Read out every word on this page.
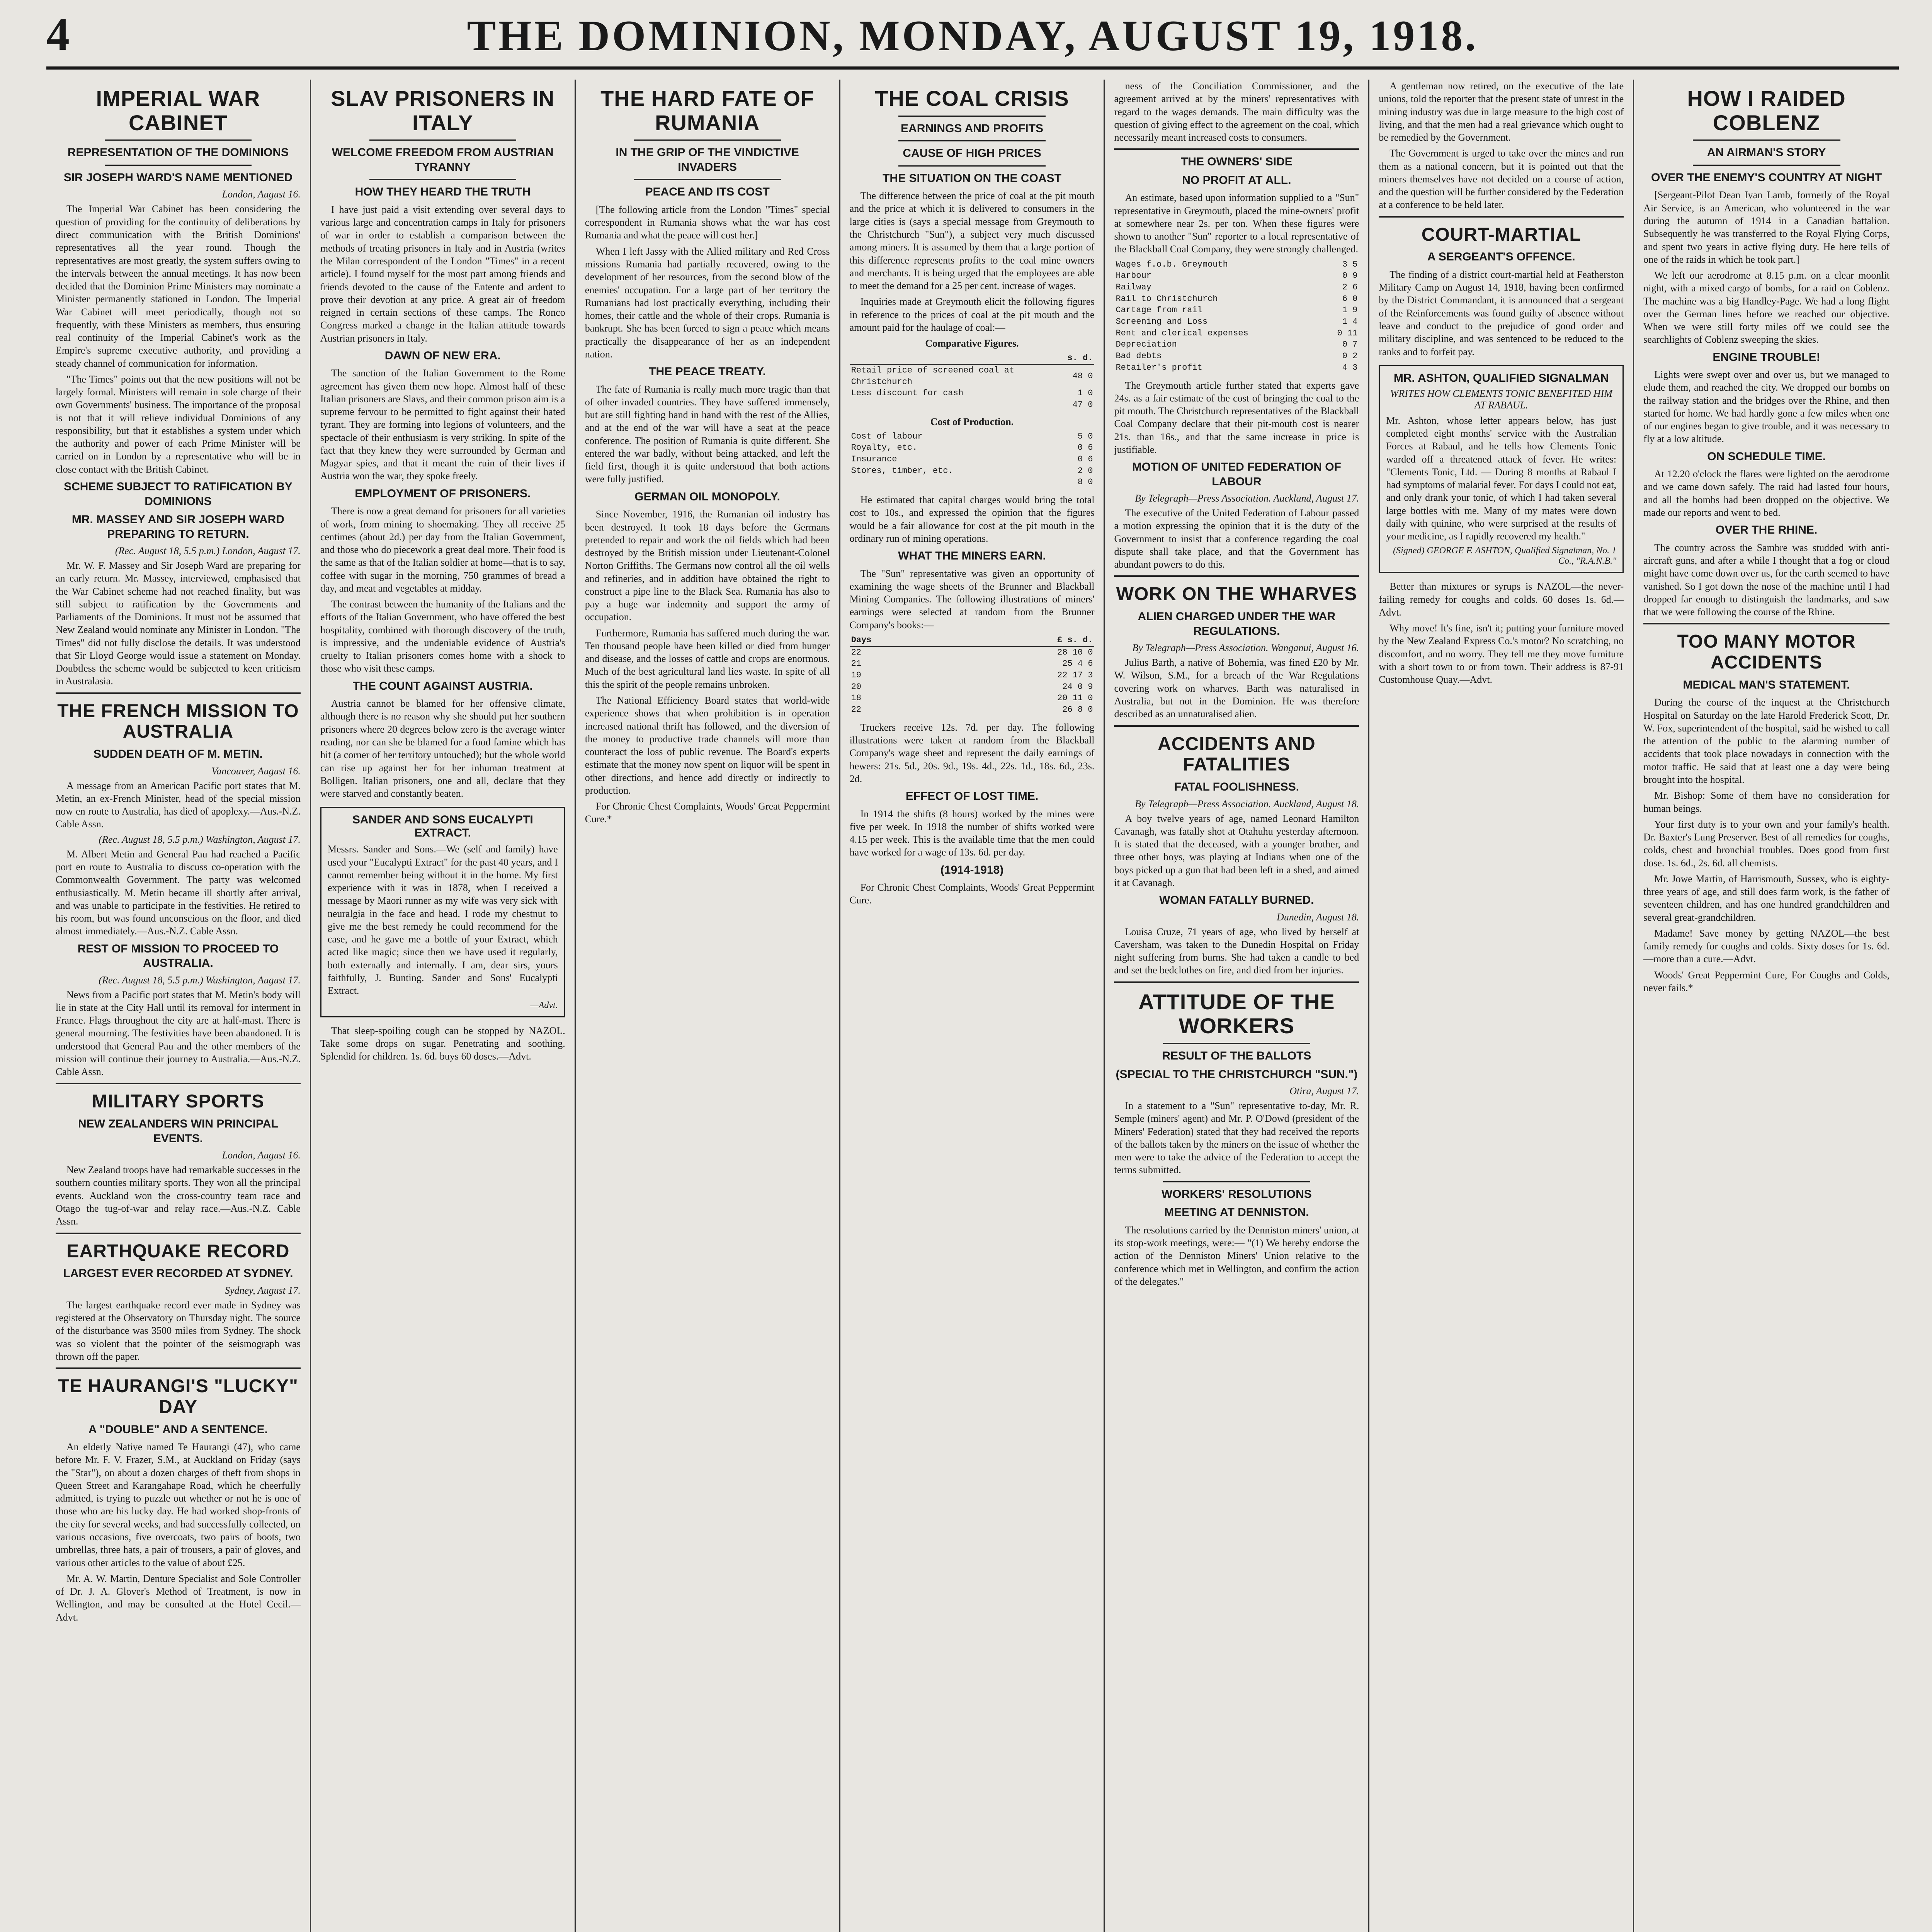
4	THE DOMINION, MONDAY, AUGUST 19, 1918.
IMPERIAL WAR CABINET
REPRESENTATION OF THE DOMINIONS
SIR JOSEPH WARD'S NAME MENTIONED
London, August 16.

The Imperial War Cabinet has been considering the question of providing for the continuity of deliberations by direct communication with the British Dominions' representatives all the year round. Though the representatives are most greatly, the system suffers owing to the intervals between the annual meetings. It has now been decided that the Dominion Prime Ministers may nominate a Minister permanently stationed in London. The Imperial War Cabinet will meet periodically, though not so frequently, with these Ministers as members, thus ensuring real continuity of the Imperial Cabinet's work as the Empire's supreme executive authority, and providing a steady channel of communication for information.

"The Times" points out that the new positions will not be largely formal. Ministers will remain in sole charge of their own Governments' business. The importance of the proposal is not that it will relieve individual Dominions of any responsibility, but that it establishes a system under which the authority and power of each Prime Minister will be carried on in London by a representative who will be in close contact with the British Cabinet.

SCHEME SUBJECT TO RATIFICATION BY DOMINIONS
MR. MASSEY AND SIR JOSEPH WARD PREPARING TO RETURN.
(Rec. August 18, 5.5 p.m.) London, August 17.

Mr. W. F. Massey and Sir Joseph Ward are preparing for an early return. Mr. Massey, interviewed, emphasised that the War Cabinet scheme had not reached finality, but was still subject to ratification by the Governments and Parliaments of the Dominions. It must not be assumed that New Zealand would nominate any Minister in London. "The Times" did not fully disclose the details. It was understood that Sir Lloyd George would issue a statement on Monday. Doubtless the scheme would be subjected to keen criticism in Australasia.

THE FRENCH MISSION TO AUSTRALIA
SUDDEN DEATH OF M. METIN.
Vancouver, August 16.

A message from an American Pacific port states that M. Metin, an ex-French Minister, head of the special mission now en route to Australia, has died of apoplexy.—Aus.-N.Z. Cable Assn.

(Rec. August 18, 5.5 p.m.) Washington, August 17.

M. Albert Metin and General Pau had reached a Pacific port en route to Australia to discuss co-operation with the Commonwealth Government. The party was welcomed enthusiastically. M. Metin became ill shortly after arrival, and was unable to participate in the festivities. He retired to his room, but was found unconscious on the floor, and died almost immediately.—Aus.-N.Z. Cable Assn.

REST OF MISSION TO PROCEED TO AUSTRALIA.
(Rec. August 18, 5.5 p.m.) Washington, August 17.

News from a Pacific port states that M. Metin's body will lie in state at the City Hall until its removal for interment in France. Flags throughout the city are at half-mast. There is general mourning. The festivities have been abandoned. It is understood that General Pau and the other members of the mission will continue their journey to Australia.—Aus.-N.Z. Cable Assn.

MILITARY SPORTS
NEW ZEALANDERS WIN PRINCIPAL EVENTS.
London, August 16.

New Zealand troops have had remarkable successes in the southern counties military sports. They won all the principal events. Auckland won the cross-country team race and Otago the tug-of-war and relay race.—Aus.-N.Z. Cable Assn.

EARTHQUAKE RECORD
LARGEST EVER RECORDED AT SYDNEY.
Sydney, August 17.

The largest earthquake record ever made in Sydney was registered at the Observatory on Thursday night. The source of the disturbance was 3500 miles from Sydney. The shock was so violent that the pointer of the seismograph was thrown off the paper.

TE HAURANGI'S "LUCKY" DAY
A "DOUBLE" AND A SENTENCE.

An elderly Native named Te Haurangi (47), who came before Mr. F. V. Frazer, S.M., at Auckland on Friday (says the "Star"), on about a dozen charges of theft from shops in Queen Street and Karangahape Road, which he cheerfully admitted, is trying to puzzle out whether or not he is one of those who are his lucky day. He had worked shop-fronts of the city for several weeks, and had successfully collected, on various occasions, five overcoats, two pairs of boots, two umbrellas, three hats, a pair of trousers, a pair of gloves, and various other articles to the value of about £25.

Mr. A. W. Martin, Denture Specialist and Sole Controller of Dr. J. A. Glover's Method of Treatment, is now in Wellington, and may be consulted at the Hotel Cecil.—Advt.

SLAV PRISONERS IN ITALY
WELCOME FREEDOM FROM AUSTRIAN TYRANNY
HOW THEY HEARD THE TRUTH

I have just paid a visit extending over several days to various large and concentration camps in Italy for prisoners of war in order to establish a comparison between the methods of treating prisoners in Italy and in Austria (writes the Milan correspondent of the London "Times" in a recent article). I found myself for the most part among friends and friends devoted to the cause of the Entente and ardent to prove their devotion at any price. A great air of freedom reigned in certain sections of these camps. The Ronco Congress marked a change in the Italian attitude towards Austrian prisoners in Italy.

DAWN OF NEW ERA.

The sanction of the Italian Government to the Rome agreement has given them new hope. Almost half of these Italian prisoners are Slavs, and their common prison aim is a supreme fervour to be permitted to fight against their hated tyrant. They are forming into legions of volunteers, and the spectacle of their enthusiasm is very striking. In spite of the fact that they knew they were surrounded by German and Magyar spies, and that it meant the ruin of their lives if Austria won the war, they spoke freely.

EMPLOYMENT OF PRISONERS.

There is now a great demand for prisoners for all varieties of work, from mining to shoemaking. They all receive 25 centimes (about 2d.) per day from the Italian Government, and those who do piecework a great deal more. Their food is the same as that of the Italian soldier at home—that is to say, coffee with sugar in the morning, 750 grammes of bread a day, and meat and vegetables at midday.

The contrast between the humanity of the Italians and the efforts of the Italian Government, who have offered the best hospitality, combined with thorough discovery of the truth, is impressive, and the undeniable evidence of Austria's cruelty to Italian prisoners comes home with a shock to those who visit these camps.

THE COUNT AGAINST AUSTRIA.

Austria cannot be blamed for her offensive climate, although there is no reason why she should put her southern prisoners where 20 degrees below zero is the average winter reading, nor can she be blamed for a food famine which has hit (a corner of her territory untouched); but the whole world can rise up against her for her inhuman treatment at Bolligen. Italian prisoners, one and all, declare that they were starved and constantly beaten.

SANDER AND SONS EUCALYPTI EXTRACT.

Messrs. Sander and Sons.—We (self and family) have used your "Eucalypti Extract" for the past 40 years, and I cannot remember being without it in the home. My first experience with it was in 1878, when I received a message by Maori runner as my wife was very sick with neuralgia in the face and head. I rode my chestnut to give me the best remedy he could recommend for the case, and he gave me a bottle of your Extract, which acted like magic; since then we have used it regularly, both externally and internally. I am, dear sirs, yours faithfully, J. Bunting. Sander and Sons' Eucalypti Extract.

—Advt.

That sleep-spoiling cough can be stopped by NAZOL. Take some drops on sugar. Penetrating and soothing. Splendid for children. 1s. 6d. buys 60 doses.—Advt.

THE HARD FATE OF RUMANIA
IN THE GRIP OF THE VINDICTIVE INVADERS
PEACE AND ITS COST

[The following article from the London "Times" special correspondent in Rumania shows what the war has cost Rumania and what the peace will cost her.]

When I left Jassy with the Allied military and Red Cross missions Rumania had partially recovered, owing to the development of her resources, from the second blow of the enemies' occupation. For a large part of her territory the Rumanians had lost practically everything, including their homes, their cattle and the whole of their crops. Rumania is bankrupt. She has been forced to sign a peace which means practically the disappearance of her as an independent nation.

THE PEACE TREATY.

The fate of Rumania is really much more tragic than that of other invaded countries. They have suffered immensely, but are still fighting hand in hand with the rest of the Allies, and at the end of the war will have a seat at the peace conference. The position of Rumania is quite different. She entered the war badly, without being attacked, and left the field first, though it is quite understood that both actions were fully justified.

GERMAN OIL MONOPOLY.

Since November, 1916, the Rumanian oil industry has been destroyed. It took 18 days before the Germans pretended to repair and work the oil fields which had been destroyed by the British mission under Lieutenant-Colonel Norton Griffiths. The Germans now control all the oil wells and refineries, and in addition have obtained the right to construct a pipe line to the Black Sea. Rumania has also to pay a huge war indemnity and support the army of occupation.

Furthermore, Rumania has suffered much during the war. Ten thousand people have been killed or died from hunger and disease, and the losses of cattle and crops are enormous. Much of the best agricultural land lies waste. In spite of all this the spirit of the people remains unbroken.

The National Efficiency Board states that world-wide experience shows that when prohibition is in operation increased national thrift has followed, and the diversion of the money to productive trade channels will more than counteract the loss of public revenue. The Board's experts estimate that the money now spent on liquor will be spent in other directions, and hence add directly or indirectly to production.

For Chronic Chest Complaints, Woods' Great Peppermint Cure.*

THE COAL CRISIS
EARNINGS AND PROFITS
CAUSE OF HIGH PRICES
THE SITUATION ON THE COAST

The difference between the price of coal at the pit mouth and the price at which it is delivered to consumers in the large cities is (says a special message from Greymouth to the Christchurch "Sun"), a subject very much discussed among miners. It is assumed by them that a large portion of this difference represents profits to the coal mine owners and merchants. It is being urged that the employees are able to meet the demand for a 25 per cent. increase of wages.

Inquiries made at Greymouth elicit the following figures in reference to the prices of coal at the pit mouth and the amount paid for the haulage of coal:—

Comparative Figures.
	s. d.
Retail price of screened coal at Christchurch	48 0
Less discount for cash	1 0
	47 0
Cost of Production.
Cost of labour	5 0
Royalty, etc.	0 6
Insurance	0 6
Stores, timber, etc.	2 0
	8 0

He estimated that capital charges would bring the total cost to 10s., and expressed the opinion that the figures would be a fair allowance for cost at the pit mouth in the ordinary run of mining operations.

WHAT THE MINERS EARN.

The "Sun" representative was given an opportunity of examining the wage sheets of the Brunner and Blackball Mining Companies. The following illustrations of miners' earnings were selected at random from the Brunner Company's books:—

Days	£ s. d.
22	28 10 0
21	25 4 6
19	22 17 3
20	24 0 9
18	20 11 0
22	26 8 0

Truckers receive 12s. 7d. per day. The following illustrations were taken at random from the Blackball Company's wage sheet and represent the daily earnings of hewers: 21s. 5d., 20s. 9d., 19s. 4d., 22s. 1d., 18s. 6d., 23s. 2d.

EFFECT OF LOST TIME.

In 1914 the shifts (8 hours) worked by the mines were five per week. In 1918 the number of shifts worked were 4.15 per week. This is the available time that the men could have worked for a wage of 13s. 6d. per day.

(1914-1918)

For Chronic Chest Complaints, Woods' Great Peppermint Cure.

ness of the Conciliation Commissioner, and the agreement arrived at by the miners' representatives with regard to the wages demands. The main difficulty was the question of giving effect to the agreement on the coal, which necessarily meant increased costs to consumers.

THE OWNERS' SIDE
NO PROFIT AT ALL.

An estimate, based upon information supplied to a "Sun" representative in Greymouth, placed the mine-owners' profit at somewhere near 2s. per ton. When these figures were shown to another "Sun" reporter to a local representative of the Blackball Coal Company, they were strongly challenged.

Wages f.o.b. Greymouth	3 5
Harbour	0 9
Railway	2 6
Rail to Christchurch	6 0
Cartage from rail	1 9
Screening and Loss	1 4
Rent and clerical expenses	0 11
Depreciation	0 7
Bad debts	0 2
Retailer's profit	4 3

The Greymouth article further stated that experts gave 24s. as a fair estimate of the cost of bringing the coal to the pit mouth. The Christchurch representatives of the Blackball Coal Company declare that their pit-mouth cost is nearer 21s. than 16s., and that the same increase in price is justifiable.

MOTION OF UNITED FEDERATION OF LABOUR
By Telegraph—Press Association. Auckland, August 17.

The executive of the United Federation of Labour passed a motion expressing the opinion that it is the duty of the Government to insist that a conference regarding the coal dispute shall take place, and that the Government has abundant powers to do this.

WORK ON THE WHARVES
ALIEN CHARGED UNDER THE WAR REGULATIONS.
By Telegraph—Press Association. Wanganui, August 16.

Julius Barth, a native of Bohemia, was fined £20 by Mr. W. Wilson, S.M., for a breach of the War Regulations covering work on wharves. Barth was naturalised in Australia, but not in the Dominion. He was therefore described as an unnaturalised alien.

ACCIDENTS AND FATALITIES
FATAL FOOLISHNESS.
By Telegraph—Press Association. Auckland, August 18.

A boy twelve years of age, named Leonard Hamilton Cavanagh, was fatally shot at Otahuhu yesterday afternoon. It is stated that the deceased, with a younger brother, and three other boys, was playing at Indians when one of the boys picked up a gun that had been left in a shed, and aimed it at Cavanagh.

WOMAN FATALLY BURNED.
Dunedin, August 18.

Louisa Cruze, 71 years of age, who lived by herself at Caversham, was taken to the Dunedin Hospital on Friday night suffering from burns. She had taken a candle to bed and set the bedclothes on fire, and died from her injuries.

ATTITUDE OF THE WORKERS
RESULT OF THE BALLOTS
(SPECIAL TO THE CHRISTCHURCH "SUN.")
Otira, August 17.

In a statement to a "Sun" representative to-day, Mr. R. Semple (miners' agent) and Mr. P. O'Dowd (president of the Miners' Federation) stated that they had received the reports of the ballots taken by the miners on the issue of whether the men were to take the advice of the Federation to accept the terms submitted.

WORKERS' RESOLUTIONS
MEETING AT DENNISTON.

The resolutions carried by the Denniston miners' union, at its stop-work meetings, were:— "(1) We hereby endorse the action of the Denniston Miners' Union relative to the conference which met in Wellington, and confirm the action of the delegates."

A gentleman now retired, on the executive of the late unions, told the reporter that the present state of unrest in the mining industry was due in large measure to the high cost of living, and that the men had a real grievance which ought to be remedied by the Government.

The Government is urged to take over the mines and run them as a national concern, but it is pointed out that the miners themselves have not decided on a course of action, and the question will be further considered by the Federation at a conference to be held later.

COURT-MARTIAL
A SERGEANT'S OFFENCE.

The finding of a district court-martial held at Featherston Military Camp on August 14, 1918, having been confirmed by the District Commandant, it is announced that a sergeant of the Reinforcements was found guilty of absence without leave and conduct to the prejudice of good order and military discipline, and was sentenced to be reduced to the ranks and to forfeit pay.

MR. ASHTON, QUALIFIED SIGNALMAN
WRITES HOW CLEMENTS TONIC BENEFITED HIM AT RABAUL.

Mr. Ashton, whose letter appears below, has just completed eight months' service with the Australian Forces at Rabaul, and he tells how Clements Tonic warded off a threatened attack of fever. He writes: "Clements Tonic, Ltd. — During 8 months at Rabaul I had symptoms of malarial fever. For days I could not eat, and only drank your tonic, of which I had taken several large bottles with me. Many of my mates were down daily with quinine, who were surprised at the results of your medicine, as I rapidly recovered my health."

(Signed) GEORGE F. ASHTON, Qualified Signalman, No. 1 Co., "R.A.N.B."

Better than mixtures or syrups is NAZOL—the never-failing remedy for coughs and colds. 60 doses 1s. 6d.—Advt.

Why move! It's fine, isn't it; putting your furniture moved by the New Zealand Express Co.'s motor? No scratching, no discomfort, and no worry. They tell me they move furniture with a short town to or from town. Their address is 87-91 Customhouse Quay.—Advt.

HOW I RAIDED COBLENZ
AN AIRMAN'S STORY
OVER THE ENEMY'S COUNTRY AT NIGHT

[Sergeant-Pilot Dean Ivan Lamb, formerly of the Royal Air Service, is an American, who volunteered in the war during the autumn of 1914 in a Canadian battalion. Subsequently he was transferred to the Royal Flying Corps, and spent two years in active flying duty. He here tells of one of the raids in which he took part.]

We left our aerodrome at 8.15 p.m. on a clear moonlit night, with a mixed cargo of bombs, for a raid on Coblenz. The machine was a big Handley-Page. We had a long flight over the German lines before we reached our objective. When we were still forty miles off we could see the searchlights of Coblenz sweeping the skies.

ENGINE TROUBLE!

Lights were swept over and over us, but we managed to elude them, and reached the city. We dropped our bombs on the railway station and the bridges over the Rhine, and then started for home. We had hardly gone a few miles when one of our engines began to give trouble, and it was necessary to fly at a low altitude.

ON SCHEDULE TIME.

At 12.20 o'clock the flares were lighted on the aerodrome and we came down safely. The raid had lasted four hours, and all the bombs had been dropped on the objective. We made our reports and went to bed.

OVER THE RHINE.

The country across the Sambre was studded with anti-aircraft guns, and after a while I thought that a fog or cloud might have come down over us, for the earth seemed to have vanished. So I got down the nose of the machine until I had dropped far enough to distinguish the landmarks, and saw that we were following the course of the Rhine.

TOO MANY MOTOR ACCIDENTS
MEDICAL MAN'S STATEMENT.

During the course of the inquest at the Christchurch Hospital on Saturday on the late Harold Frederick Scott, Dr. W. Fox, superintendent of the hospital, said he wished to call the attention of the public to the alarming number of accidents that took place nowadays in connection with the motor traffic. He said that at least one a day were being brought into the hospital.

Mr. Bishop: Some of them have no consideration for human beings.

Your first duty is to your own and your family's health. Dr. Baxter's Lung Preserver. Best of all remedies for coughs, colds, chest and bronchial troubles. Does good from first dose. 1s. 6d., 2s. 6d. all chemists.

Mr. Jowe Martin, of Harrismouth, Sussex, who is eighty-three years of age, and still does farm work, is the father of seventeen children, and has one hundred grandchildren and several great-grandchildren.

Madame! Save money by getting NAZOL—the best family remedy for coughs and colds. Sixty doses for 1s. 6d. —more than a cure.—Advt.

Woods' Great Peppermint Cure, For Coughs and Colds, never fails.*
